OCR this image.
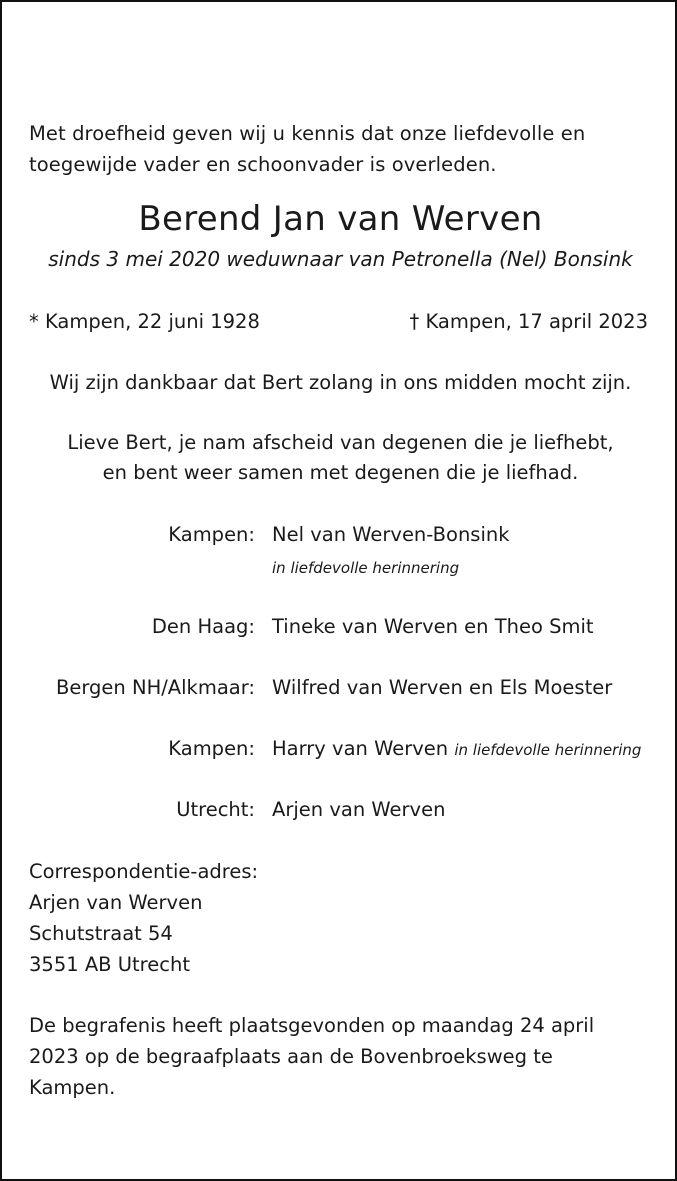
Met droefheid geven wij u kennis dat onze liefdevolle en
toegewijde vader en schoonvader is overleden.
Berend Jan van Werven
sinds 3 mei 2020 weduwnaar van Petronella (Nel) Bonsink
* Kampen, 22 juni 1928	† Kampen, 17 april 2023
Wij zijn dankbaar dat Bert zolang in ons midden mocht zijn.
Lieve Bert, je nam afscheid van degenen die je liefhebt,
en bent weer samen met degenen die je liefhad.
Kampen: Nel van Werven-Bonsink
in liefdevolle herinnering
Den Haag: Tineke van Werven en Theo Smit
Bergen NH/Alkmaar: Wilfred van Werven en Els Moester
Kampen: Harry van Werven in liefdevolle herinnering
Utrecht: Arjen van Werven
Correspondentie-adres:
Arjen van Werven
Schutstraat 54
3551 AB Utrecht
De begrafenis heeft plaatsgevonden op maandag 24 april
2023 op de begraafplaats aan de Bovenbroeksweg te
Kampen.
